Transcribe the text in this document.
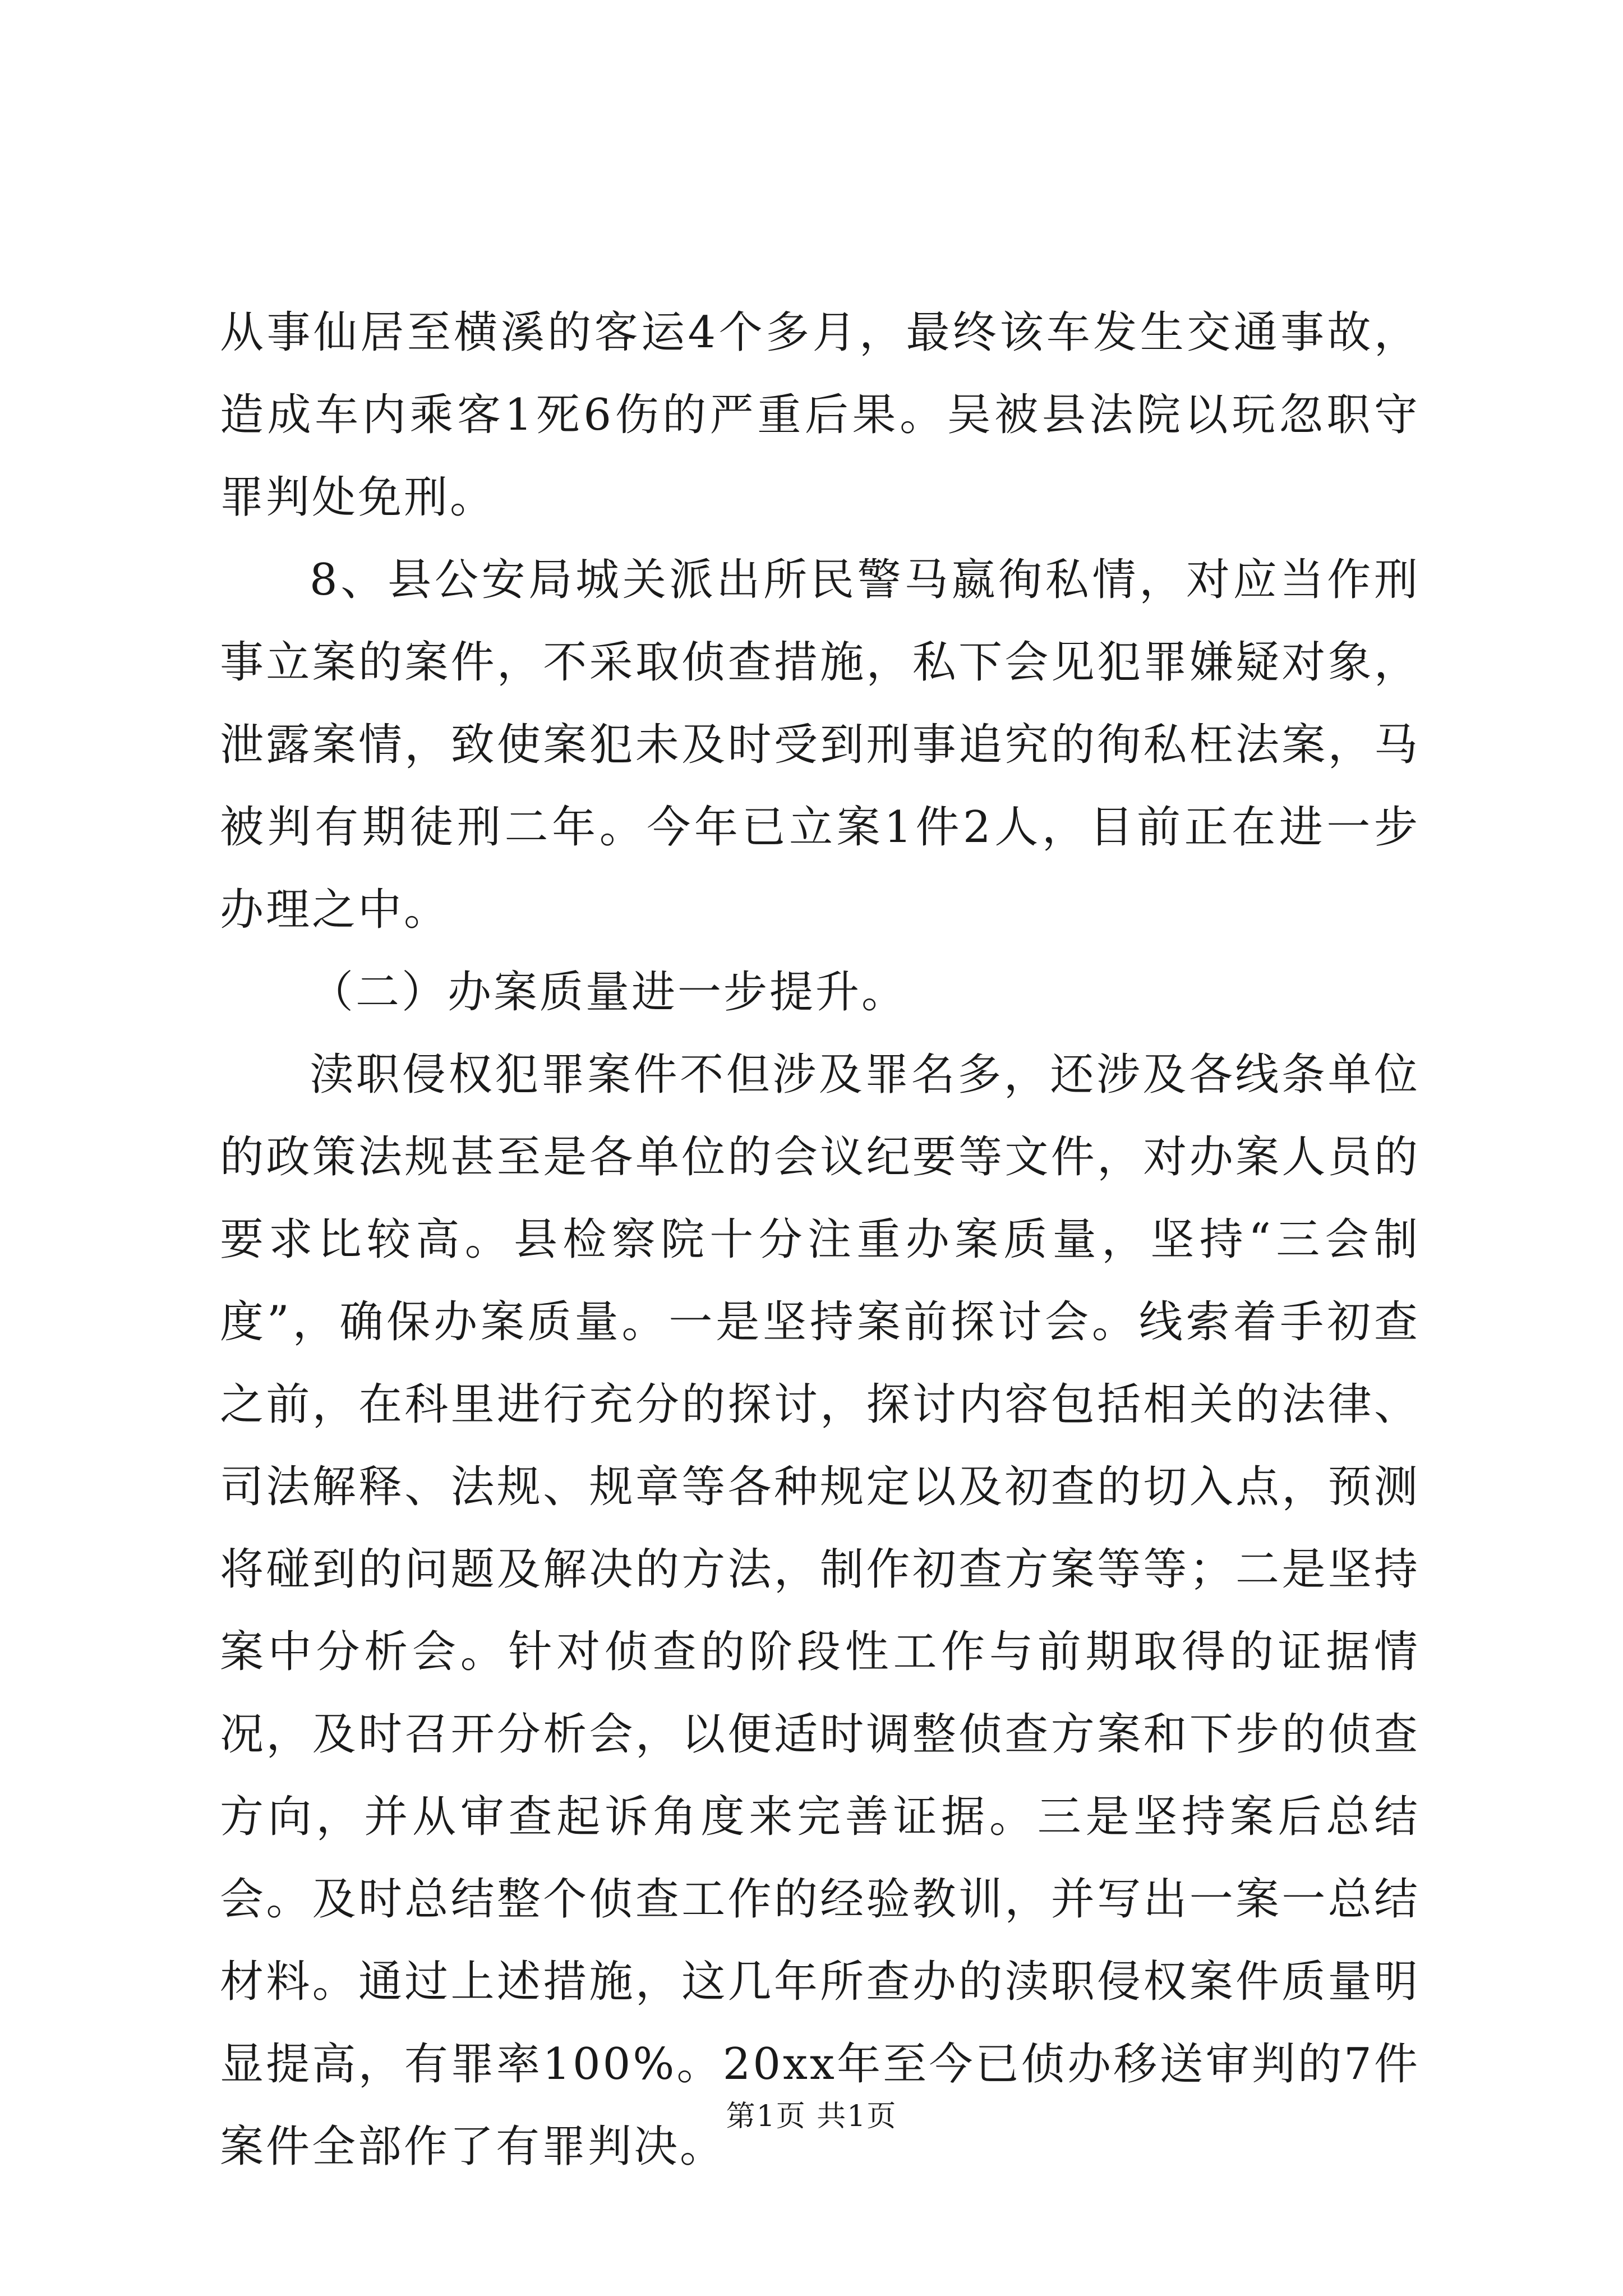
从事仙居至横溪的客运4个多月，最终该车发生交通事故，造成车内乘客1死6伤的严重后果。吴被县法院以玩忽职守罪判处免刑。

8、县公安局城关派出所民警马嬴徇私情，对应当作刑事立案的案件，不采取侦查措施，私下会见犯罪嫌疑对象，泄露案情，致使案犯未及时受到刑事追究的徇私枉法案，马被判有期徒刑二年。今年已立案1件2人，目前正在进一步办理之中。

（二）办案质量进一步提升。

渎职侵权犯罪案件不但涉及罪名多，还涉及各线条单位的政策法规甚至是各单位的会议纪要等文件，对办案人员的要求比较高。县检察院十分注重办案质量，坚持“三会制度”，确保办案质量。一是坚持案前探讨会。线索着手初查之前，在科里进行充分的探讨，探讨内容包括相关的法律、司法解释、法规、规章等各种规定以及初查的切入点，预测将碰到的问题及解决的方法，制作初查方案等等；二是坚持案中分析会。针对侦查的阶段性工作与前期取得的证据情况，及时召开分析会，以便适时调整侦查方案和下步的侦查方向，并从审查起诉角度来完善证据。三是坚持案后总结会。及时总结整个侦查工作的经验教训，并写出一案一总结材料。通过上述措施，这几年所查办的渎职侵权案件质量明显提高，有罪率100%。20xx年至今已侦办移送审判的7件案件全部作了有罪判决。

第1页 共1页
